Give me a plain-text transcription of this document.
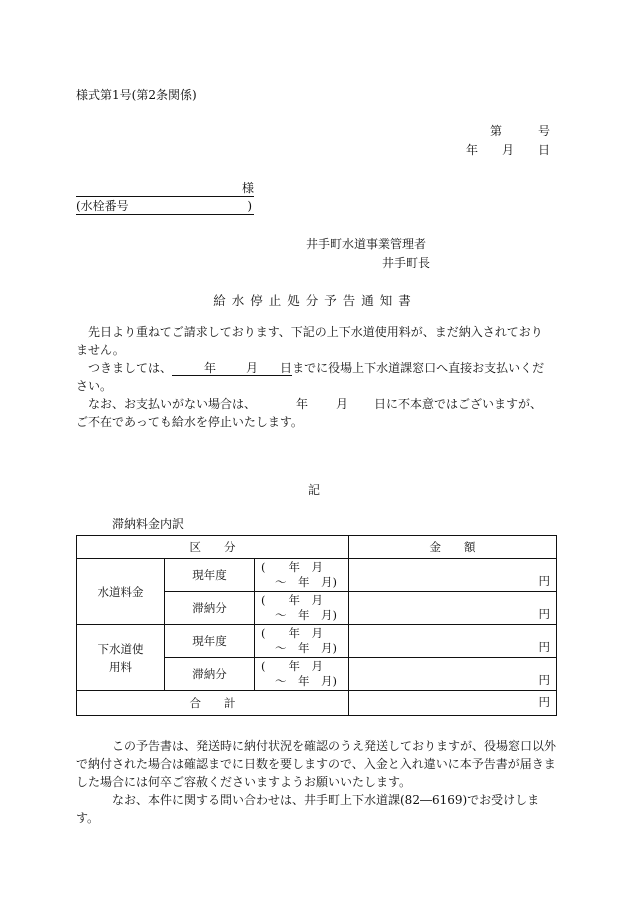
様式第1号(第2条関係)
第　　　号
年　　月　　日
様
(水栓番号	)
井手町水道事業管理者
井手町長
給水停止処分予告通知書

先日より重ねてご請求しております、下記の上下水道使用料が、まだ納入されておりません。

つきましては、	年	月 日までに役場上下水道課窓口へ直接お支払いください。

なお、お支払いがない場合は、	年 月 日に不本意ではございますが、ご不在であっても給水を停止いたします。

記
滞納料金内訳
区　　分			金　　額
水道料金	現年度	(　　年　月
～　年　月)	円
	滞納分	(　　年　月
～　年　月)	円

下水道使用料	現年度	(　　年　月
～　年　月)	円
	滞納分	(　　年　月
～　年　月)	円
合　　計			円

この予告書は、発送時に納付状況を確認のうえ発送しておりますが、役場窓口以外で納付された場合は確認までに日数を要しますので、入金と入れ違いに本予告書が届きました場合には何卒ご容赦くださいますようお願いいたします。

なお、本件に関する問い合わせは、井手町上下水道課(82―6169)でお受けします。
